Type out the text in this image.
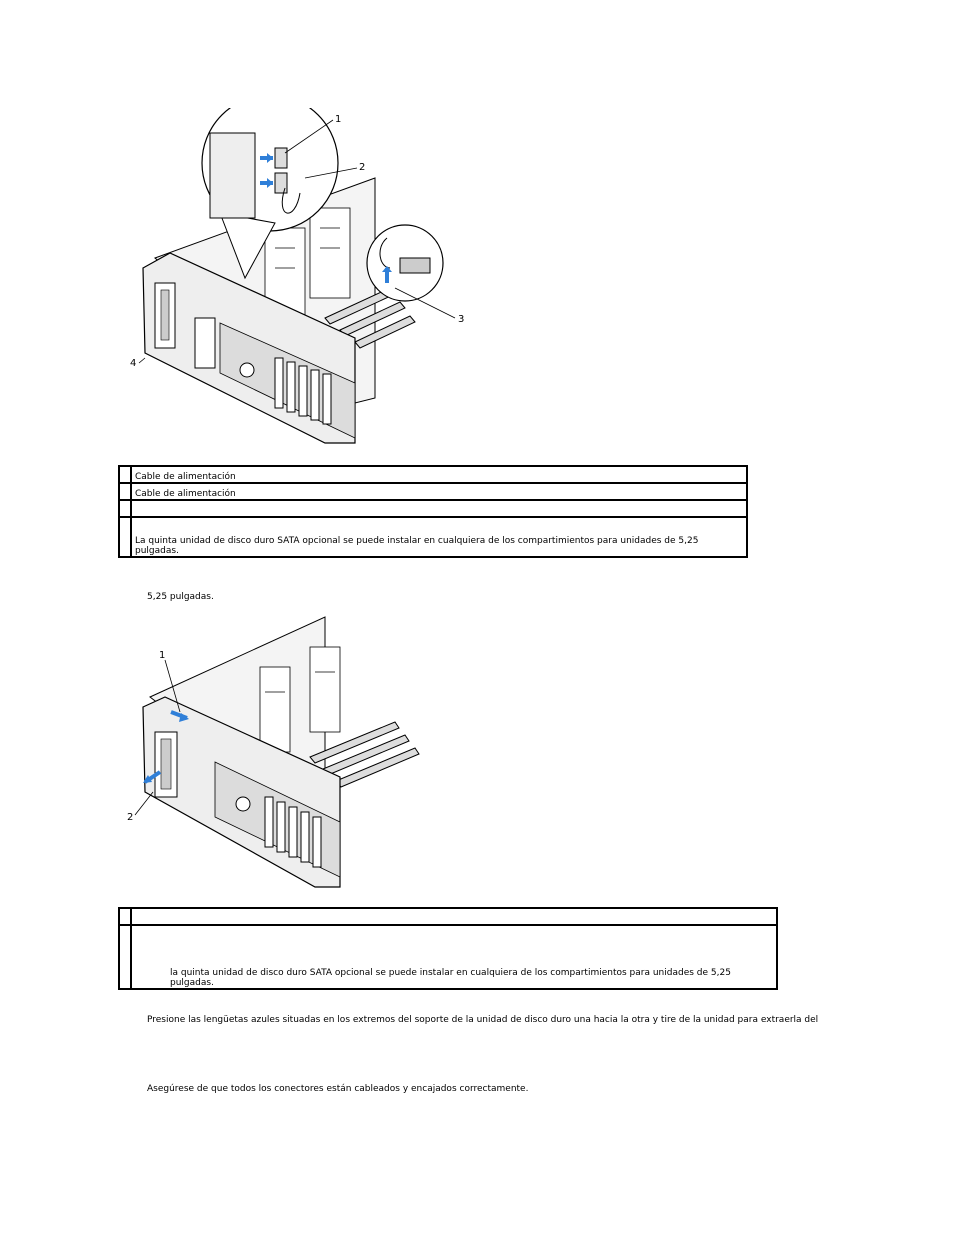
1
2
3
4
	Cable de alimentación
	Cable de alimentación

	La quinta unidad de disco duro SATA opcional se puede instalar en cualquiera de los compartimientos para unidades de 5,25 pulgadas.
5,25 pulgadas.
1
2

	la quinta unidad de disco duro SATA opcional se puede instalar en cualquiera de los compartimientos para unidades de 5,25 pulgadas.
Presione las lengüetas azules situadas en los extremos del soporte de la unidad de disco duro una hacia la otra y tire de la unidad para extraerla del
Asegúrese de que todos los conectores están cableados y encajados correctamente.
